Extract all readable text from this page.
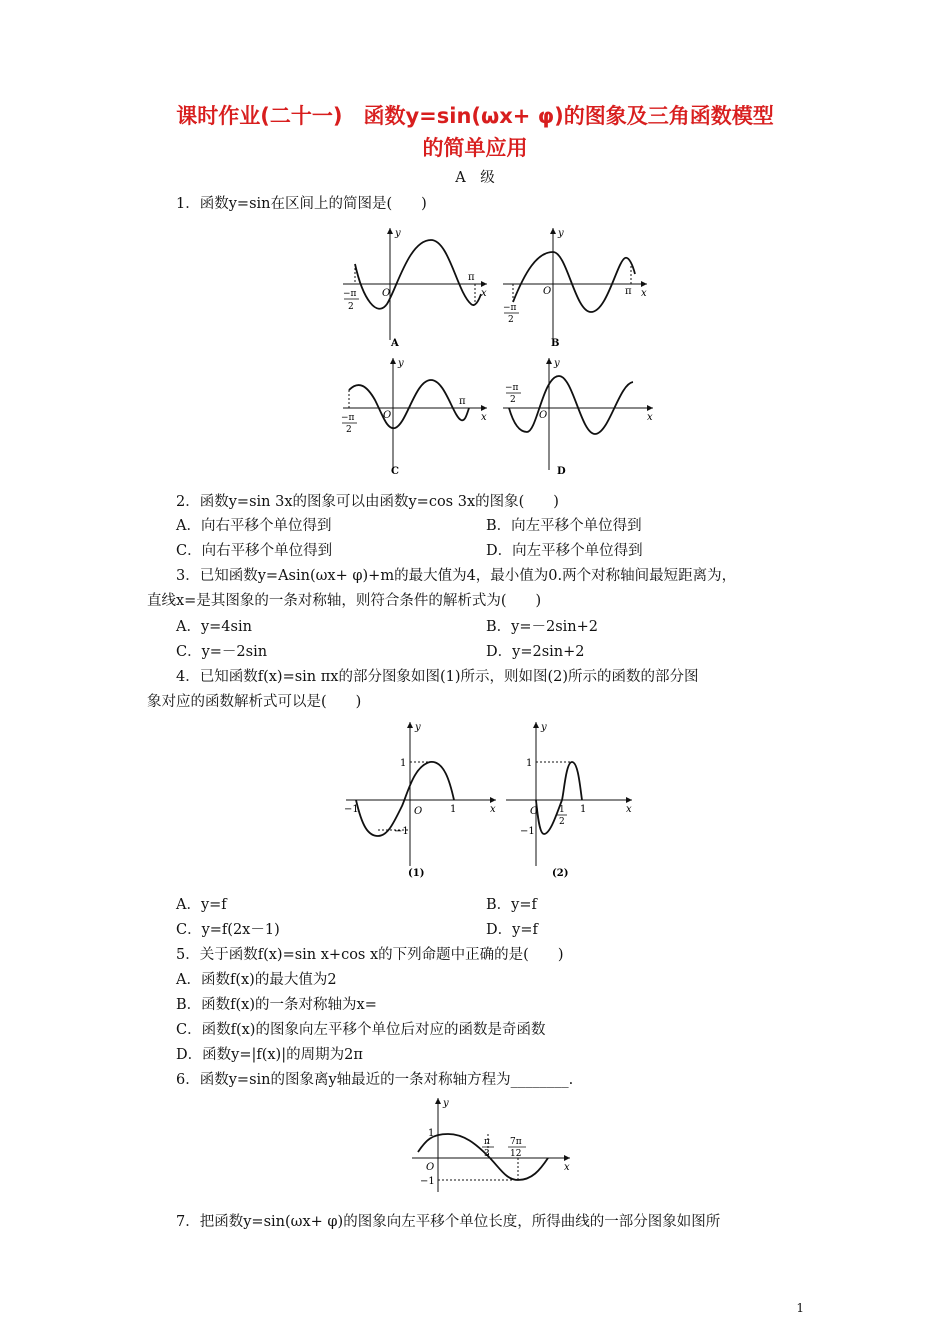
课时作业(二十一)　函数y=sin(ωx+ φ)的图象及三角函数模型
的简单应用
A　级
1．函数y=sin在区间上的简图是(　　)
y
x
O
−π
2
π
A
y
x
O
−π
2
π
B
y
x
O
−π
2
π
C
y
x
O
−π
2
D
2．函数y=sin 3x的图象可以由函数y=cos 3x的图象(　　)
A．向右平移个单位得到	B．向左平移个单位得到
C．向右平移个单位得到	D．向左平移个单位得到
3．已知函数y=Asin(ωx+ φ)+m的最大值为4，最小值为0.两个对称轴间最短距离为，
直线x=是其图象的一条对称轴，则符合条件的解析式为(　　)
A．y=4sin	B．y=－2sin+2
C．y=－2sin	D．y=2sin+2
4．已知函数f(x)=sin πx的部分图象如图(1)所示，则如图(2)所示的函数的部分图
象对应的函数解析式可以是(　　)
y
x
O
1
−1
−1	1
(1)
y
x
O
1
−1
1
2
1
(2)
A．y=f	B．y=f
C．y=f(2x－1)	D．y=f
5．关于函数f(x)=sin x+cos x的下列命题中正确的是(　　)
A．函数f(x)的最大值为2
B．函数f(x)的一条对称轴为x=
C．函数f(x)的图象向左平移个单位后对应的函数是奇函数
D．函数y=|f(x)|的周期为2π
6．函数y=sin的图象离y轴最近的一条对称轴方程为________.
y
x
O
1
−1
π
3
7π
12
7．把函数y=sin(ωx+ φ)的图象向左平移个单位长度，所得曲线的一部分图象如图所
1
